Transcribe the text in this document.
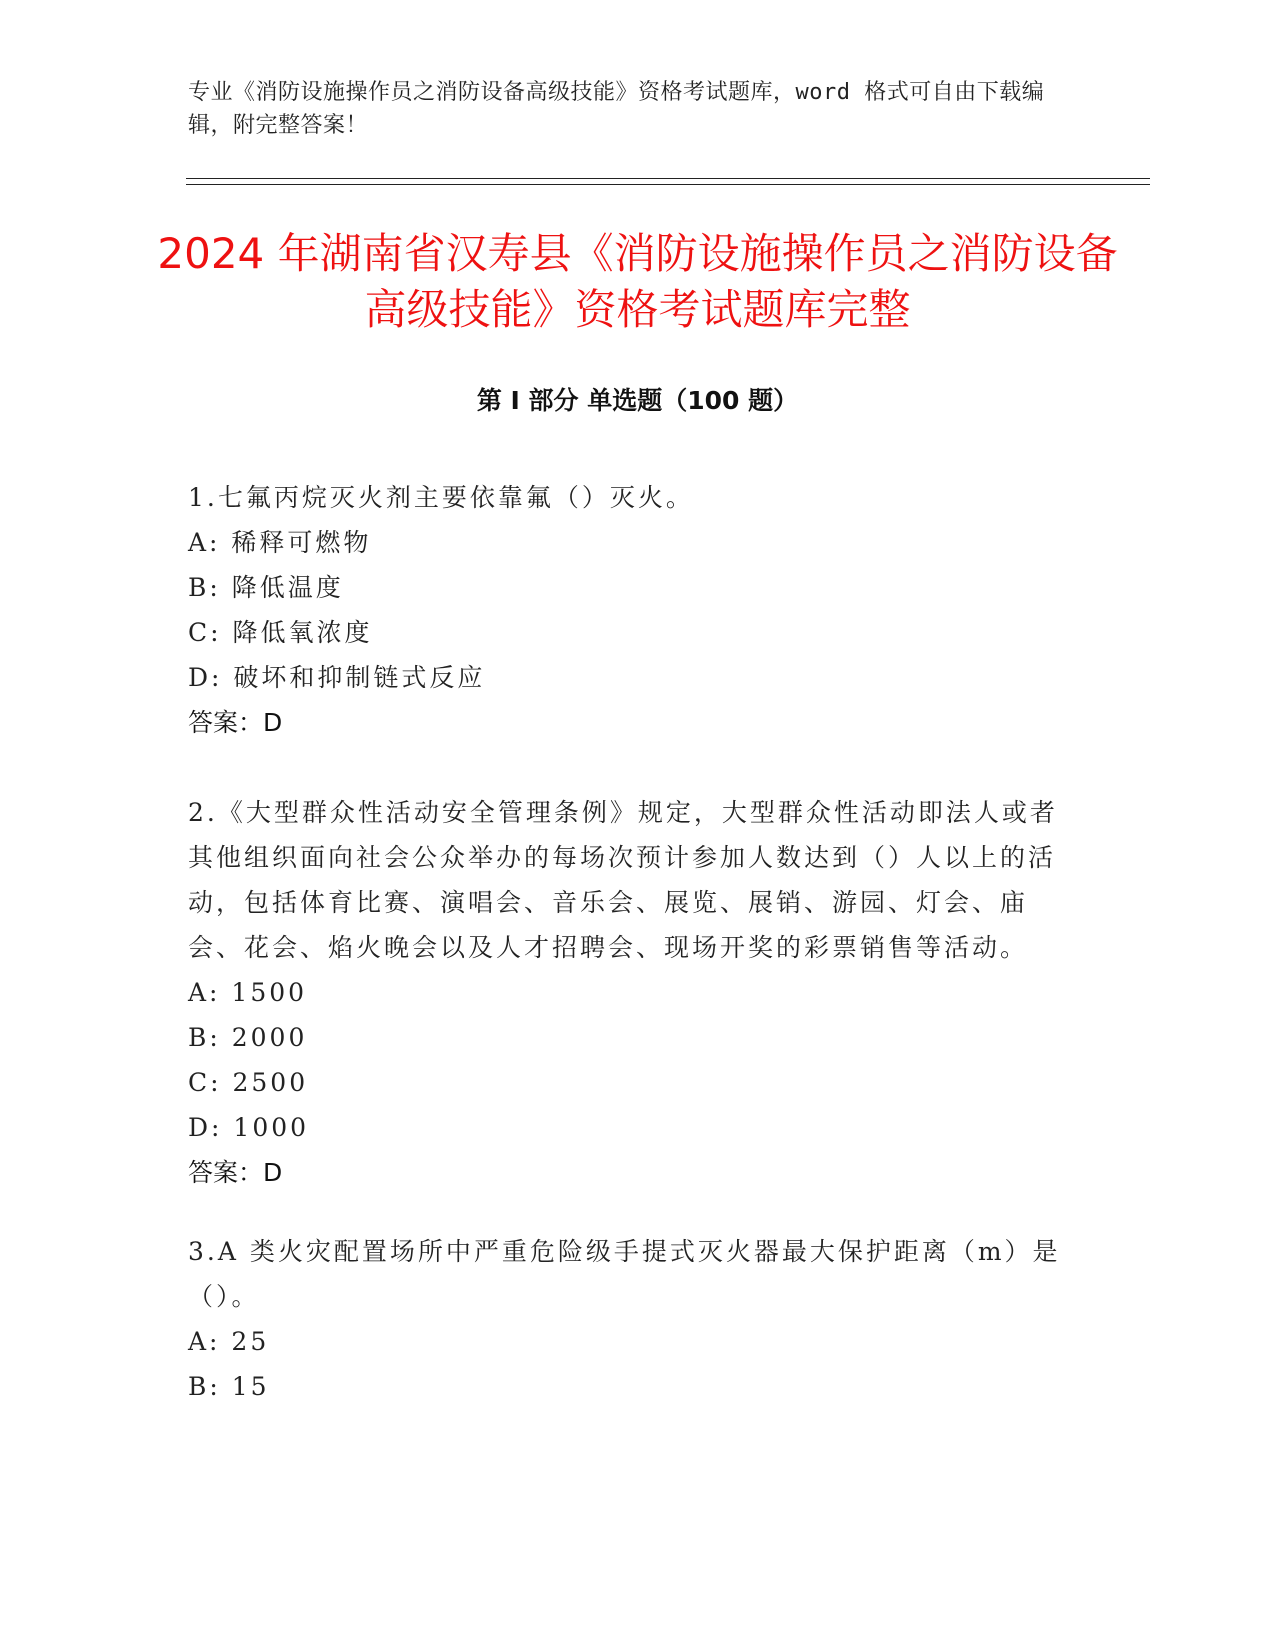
专业《消防设施操作员之消防设备高级技能》资格考试题库，word 格式可自由下载编辑，附完整答案！
2024 年湖南省汉寿县《消防设施操作员之消防设备高级技能》资格考试题库完整
第 I 部分 单选题（100 题）

1.七氟丙烷灭火剂主要依靠氟（）灭火。

A: 稀释可燃物

B: 降低温度

C: 降低氧浓度

D: 破坏和抑制链式反应

答案：D

2.《大型群众性活动安全管理条例》规定，大型群众性活动即法人或者其他组织面向社会公众举办的每场次预计参加人数达到（）人以上的活动，包括体育比赛、演唱会、音乐会、展览、展销、游园、灯会、庙会、花会、焰火晚会以及人才招聘会、现场开奖的彩票销售等活动。

A: 1500

B: 2000

C: 2500

D: 1000

答案：D

3.A 类火灾配置场所中严重危险级手提式灭火器最大保护距离（m）是（）。

A: 25

B: 15
